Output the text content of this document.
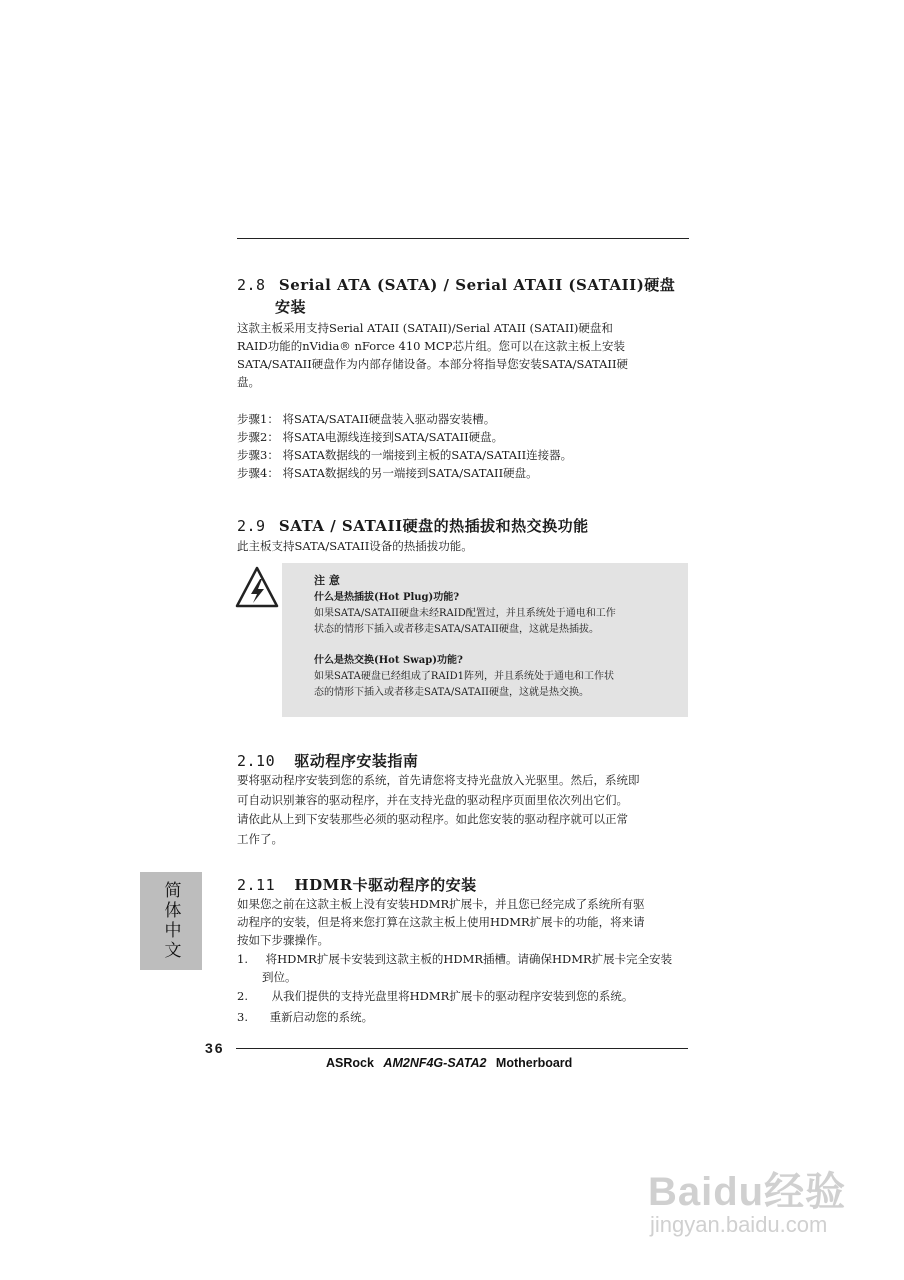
2.8 Serial ATA (SATA) / Serial ATAII (SATAII)硬盘
安装
这款主板采用支持Serial ATAII (SATAII)/Serial ATAII (SATAII)硬盘和
RAID功能的nVidia® nForce 410 MCP芯片组。您可以在这款主板上安装
SATA/SATAII硬盘作为内部存储设备。本部分将指导您安装SATA/SATAII硬
盘。
步骤1： 将SATA/SATAII硬盘装入驱动器安装槽。
步骤2： 将SATA电源线连接到SATA/SATAII硬盘。
步骤3： 将SATA数据线的一端接到主板的SATA/SATAII连接器。
步骤4： 将SATA数据线的另一端接到SATA/SATAII硬盘。
2.9 SATA / SATAII硬盘的热插拔和热交换功能
此主板支持SATA/SATAII设备的热插拔功能。
注 意
什么是热插拔(Hot Plug)功能?
如果SATA/SATAII硬盘未经RAID配置过，并且系统处于通电和工作
状态的情形下插入或者移走SATA/SATAII硬盘，这就是热插拔。
什么是热交换(Hot Swap)功能?
如果SATA硬盘已经组成了RAID1阵列，并且系统处于通电和工作状
态的情形下插入或者移走SATA/SATAII硬盘，这就是热交换。
2.10 驱动程序安装指南
要将驱动程序安装到您的系统，首先请您将支持光盘放入光驱里。然后，系统即
可自动识别兼容的驱动程序，并在支持光盘的驱动程序页面里依次列出它们。
请依此从上到下安装那些必须的驱动程序。如此您安装的驱动程序就可以正常
工作了。
2.11 HDMR卡驱动程序的安装
如果您之前在这款主板上没有安装HDMR扩展卡，并且您已经完成了系统所有驱
动程序的安装，但是将来您打算在这款主板上使用HDMR扩展卡的功能，将来请
按如下步骤操作。
1. 将HDMR扩展卡安装到这款主板的HDMR插槽。请确保HDMR扩展卡完全安装
到位。
2. 从我们提供的支持光盘里将HDMR扩展卡的驱动程序安装到您的系统。
3. 重新启动您的系统。
简体中文
36
ASRock AM2NF4G-SATA2 Motherboard
Baidu经验
jingyan.baidu.com
